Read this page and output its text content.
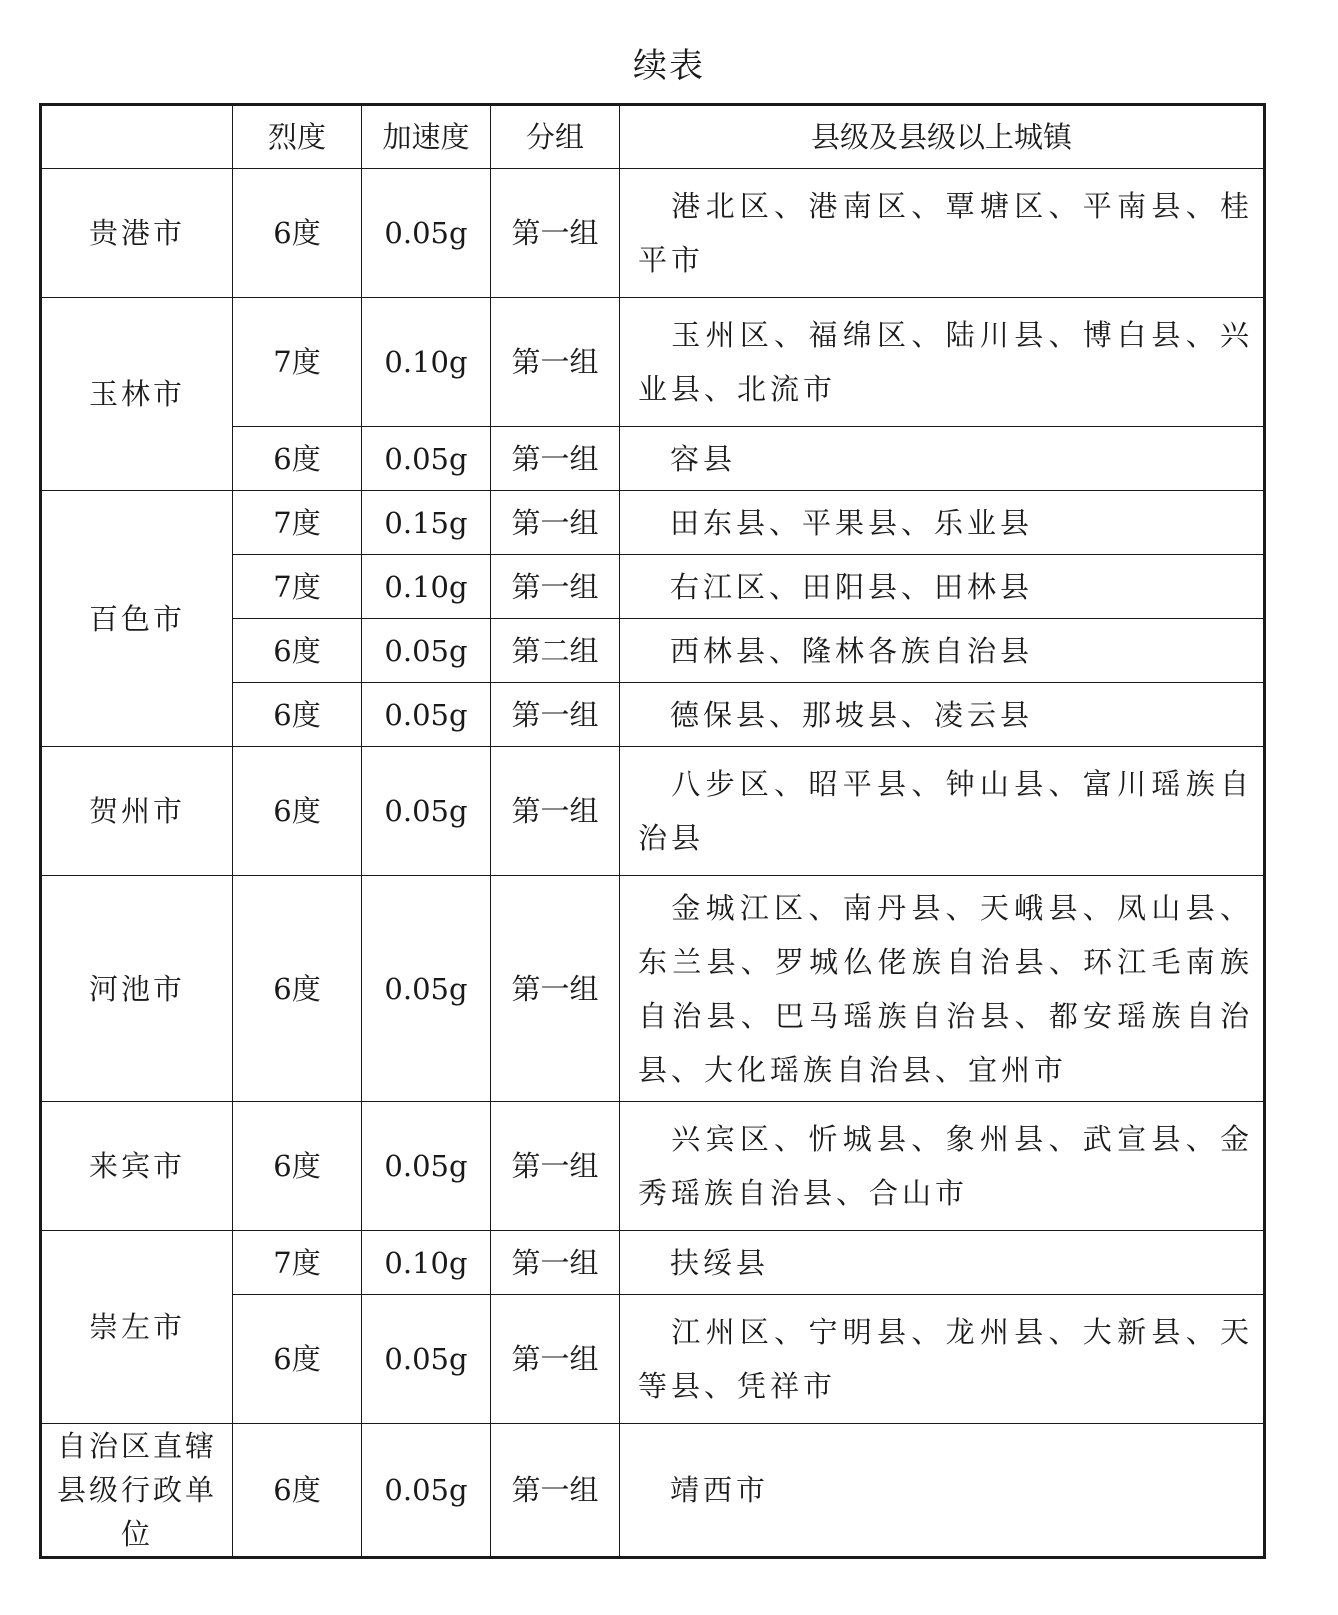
续表
	烈度	加速度	分组	县级及县级以上城镇
贵港市	6度	0.05g	第一组	港北区、港南区、覃塘区、平南县、桂平市
玉林市	7度	0.10g	第一组	玉州区、福绵区、陆川县、博白县、兴业县、北流市
	6度	0.05g	第一组	容县
百色市	7度	0.15g	第一组	田东县、平果县、乐业县
	7度	0.10g	第一组	右江区、田阳县、田林县
	6度	0.05g	第二组	西林县、隆林各族自治县
	6度	0.05g	第一组	德保县、那坡县、凌云县
贺州市	6度	0.05g	第一组	八步区、昭平县、钟山县、富川瑶族自治县
河池市	6度	0.05g	第一组	金城江区、南丹县、天峨县、凤山县、东兰县、罗城仫佬族自治县、环江毛南族自治县、巴马瑶族自治县、都安瑶族自治县、大化瑶族自治县、宜州市
来宾市	6度	0.05g	第一组	兴宾区、忻城县、象州县、武宣县、金秀瑶族自治县、合山市
崇左市	7度	0.10g	第一组	扶绥县
	6度	0.05g	第一组	江州区、宁明县、龙州县、大新县、天等县、凭祥市
自治区直辖县级行政单位	6度	0.05g	第一组	靖西市
